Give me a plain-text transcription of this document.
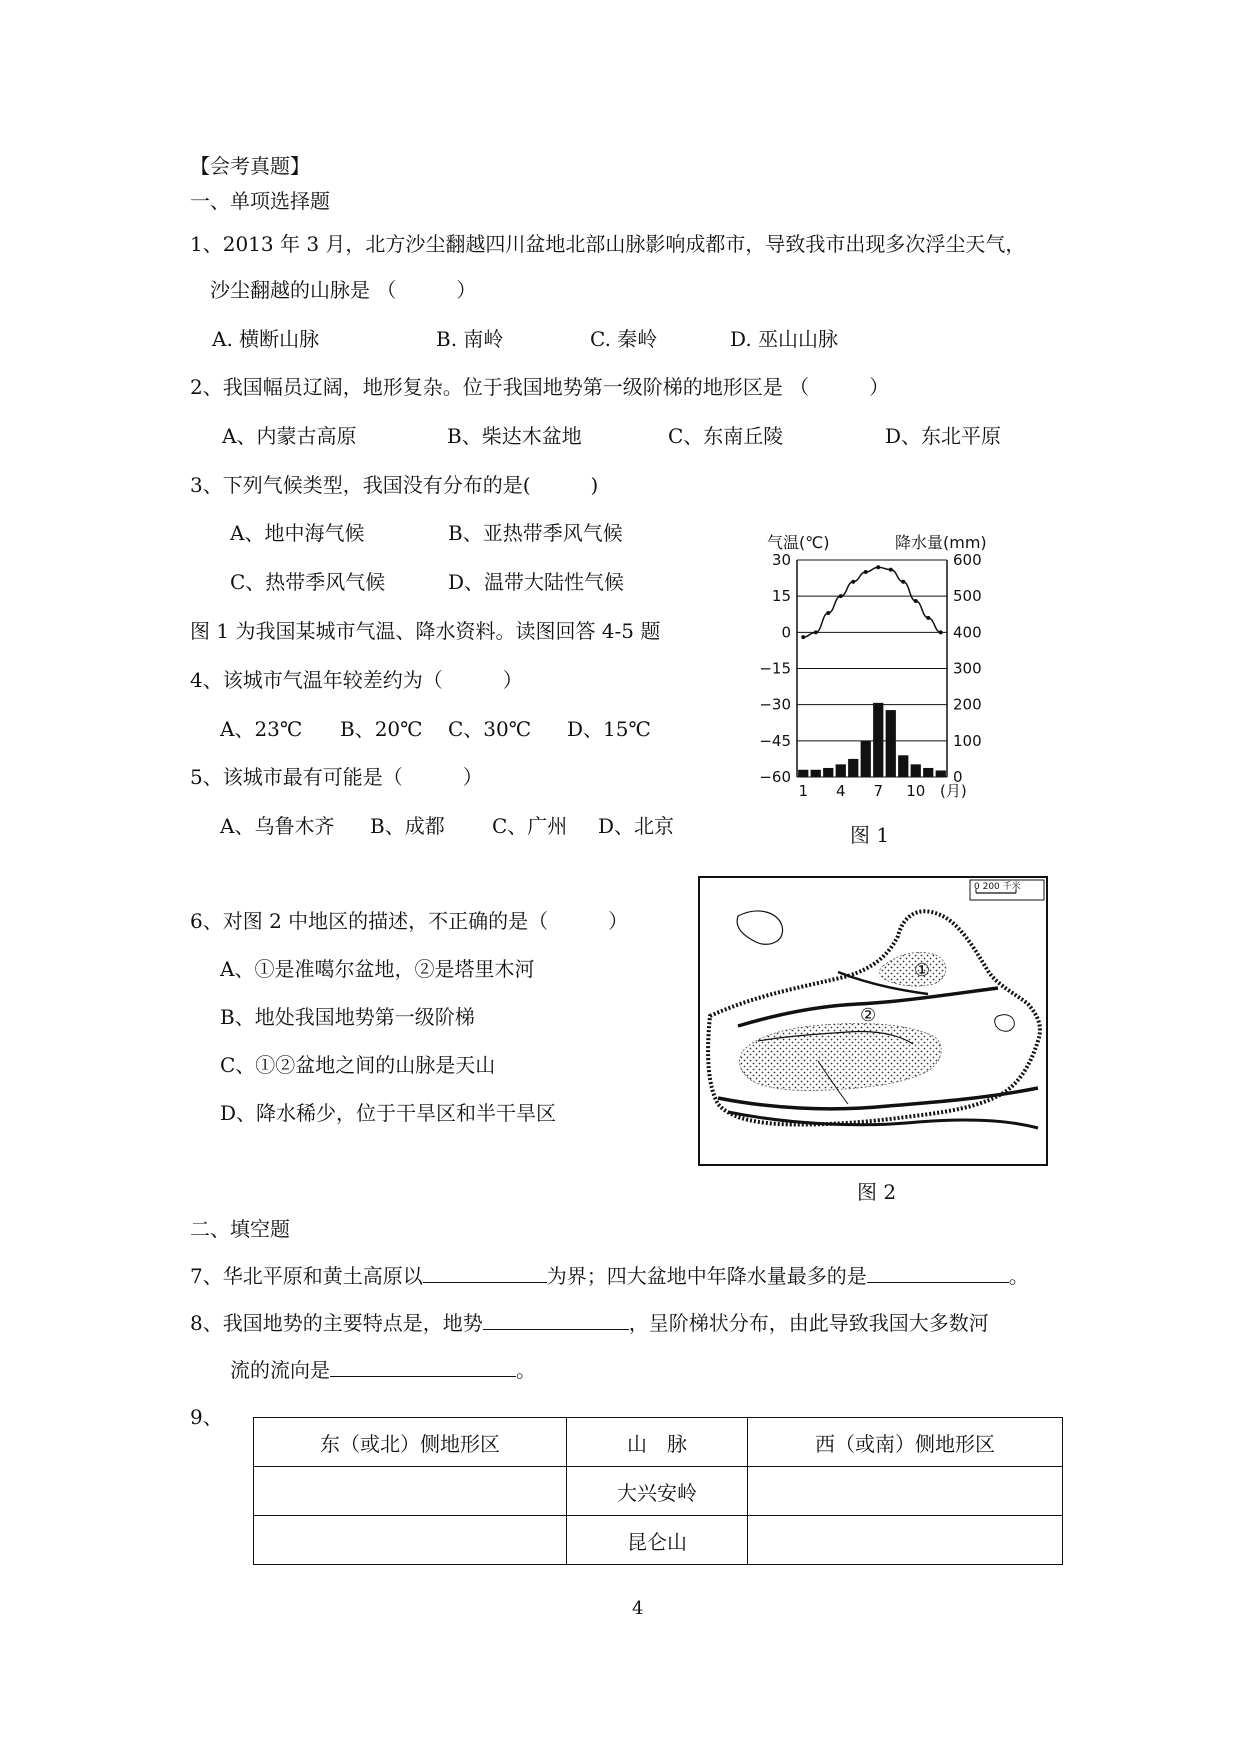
【会考真题】
一、单项选择题
1、2013 年 3 月，北方沙尘翻越四川盆地北部山脉影响成都市，导致我市出现多次浮尘天气，
沙尘翻越的山脉是 （　　　）
A. 横断山脉	B. 南岭	C. 秦岭	D. 巫山山脉
2、我国幅员辽阔，地形复杂。位于我国地势第一级阶梯的地形区是 （　　　）
A、内蒙古高原	B、柴达木盆地	C、东南丘陵	D、东北平原
3、下列气候类型，我国没有分布的是(　　　)
A、地中海气候	B、亚热带季风气候
C、热带季风气候	D、温带大陆性气候
图 1 为我国某城市气温、降水资料。读图回答 4-5 题
4、该城市气温年较差约为（　　　）
A、23℃ B、20℃ C、30℃ D、15℃
5、该城市最有可能是（　　　）
A、乌鲁木齐 B、成都 C、广州 D、北京
气温(℃)	降水量(mm)
30
15
0
−15
−30
−45
−60
600
500
400
300
200
100
0
1 4 7 10 (月)
图 1
6、对图 2 中地区的描述，不正确的是（　　　）
A、①是准噶尔盆地，②是塔里木河
B、地处我国地势第一级阶梯
C、①②盆地之间的山脉是天山
D、降水稀少，位于干旱区和半干旱区
0 200 千米
①
②
图 2
二、填空题
7、华北平原和黄土高原以	为界；四大盆地中年降水量最多的是	。
8、我国地势的主要特点是，地势	，呈阶梯状分布，由此导致我国大多数河
流的流向是	。
9、
东（或北）侧地形区	山　脉	西（或南）侧地形区
	大兴安岭	
	昆仑山	
4
